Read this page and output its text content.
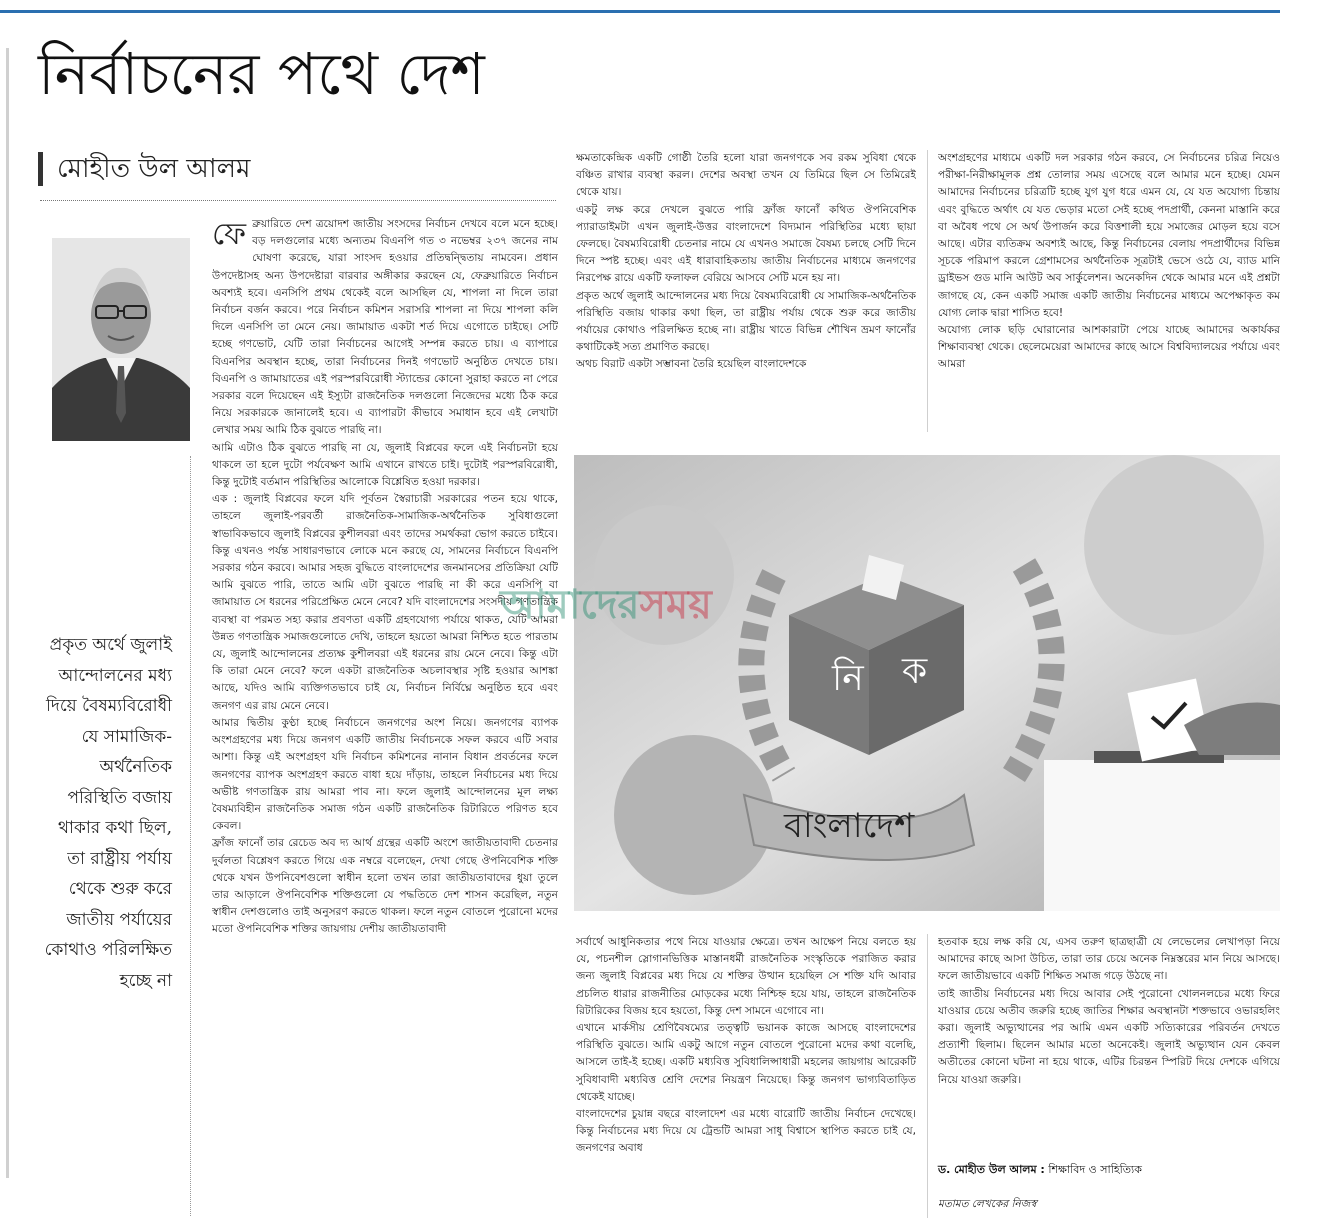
নির্বাচনের পথে দেশ
মোহীত উল আলম
প্রকৃত অর্থে জুলাই আন্দোলনের মধ্য দিয়ে বৈষম্যবিরোধী যে সামাজিক-অর্থনৈতিক পরিস্থিতি বজায় থাকার কথা ছিল, তা রাষ্ট্রীয় পর্যায় থেকে শুরু করে জাতীয় পর্যায়ের কোথাও পরিলক্ষিত হচ্ছে না
ফে ব্রুয়ারিতে দেশ ত্রয়োদশ জাতীয় সংসদের নির্বাচন দেখবে বলে মনে হচ্ছে। বড় দলগুলোর মধ্যে অন্যতম বিএনপি গত ৩ নভেম্বর ২৩৭ জনের নাম ঘোষণা করেছে, যারা সাংসদ হওয়ার প্রতিদ্বন্দ্বিতায় নামবেন। প্রধান উপদেষ্টাসহ অন্য উপদেষ্টারা বারবার অঙ্গীকার করছেন যে, ফেব্রুয়ারিতে নির্বাচন অবশ্যই হবে। এনসিপি প্রথম থেকেই বলে আসছিল যে, শাপলা না দিলে তারা নির্বাচন বর্জন করবে। পরে নির্বাচন কমিশন সরাসরি শাপলা না দিয়ে শাপলা কলি দিলে এনসিপি তা মেনে নেয়। জামায়াত একটা শর্ত দিয়ে এগোতে চাইছে। সেটি হচ্ছে গণভোট, যেটি তারা নির্বাচনের আগেই সম্পন্ন করতে চায়। এ ব্যাপারে বিএনপির অবস্থান হচ্ছে, তারা নির্বাচনের দিনই গণভোট অনুষ্ঠিত দেখতে চায়। বিএনপি ও জামায়াতের এই পরস্পরবিরোধী স্ট্যান্ডের কোনো সুরাহা করতে না পেরে সরকার বলে দিয়েছেন এই ইস্যুটা রাজনৈতিক দলগুলো নিজেদের মধ্যে ঠিক করে নিয়ে সরকারকে জানালেই হবে। এ ব্যাপারটা কীভাবে সমাধান হবে এই লেখাটা লেখার সময় আমি ঠিক বুঝতে পারছি না।

আমি এটাও ঠিক বুঝতে পারছি না যে, জুলাই বিপ্লবের ফলে এই নির্বাচনটা হয়ে থাকলে তা হলে দুটো পর্যবেক্ষণ আমি এখানে রাখতে চাই। দুটোই পরস্পরবিরোধী, কিন্তু দুটোই বর্তমান পরিস্থিতির আলোকে বিশ্লেষিত হওয়া দরকার।

এক : জুলাই বিপ্লবের ফলে যদি পূর্বতন স্বৈরাচারী সরকারের পতন হয়ে থাকে, তাহলে জুলাই-পরবর্তী রাজনৈতিক-সামাজিক-অর্থনৈতিক সুবিধাগুলো স্বাভাবিকভাবে জুলাই বিপ্লবের কুশীলবরা এবং তাদের সমর্থকরা ভোগ করতে চাইবে। কিন্তু এখনও পর্যন্ত সাধারণভাবে লোকে মনে করছে যে, সামনের নির্বাচনে বিএনপি সরকার গঠন করবে। আমার সহজ বুদ্ধিতে বাংলাদেশের জনমানসের প্রতিক্রিয়া যেটি আমি বুঝতে পারি, তাতে আমি এটা বুঝতে পারছি না কী করে এনসিপি বা জামায়াত সে ধরনের পরিপ্রেক্ষিত মেনে নেবে? যদি বাংলাদেশের সংসদীয় গণতান্ত্রিক ব্যবস্থা বা পরমত সহ্য করার প্রবণতা একটি গ্রহণযোগ্য পর্যায়ে থাকত, যেটি আমরা উন্নত গণতান্ত্রিক সমাজগুলোতে দেখি, তাহলে হয়তো আমরা নিশ্চিত হতে পারতাম যে, জুলাই আন্দোলনের প্রত্যক্ষ কুশীলবরা এই ধরনের রায় মেনে নেবে। কিন্তু এটা কি তারা মেনে নেবে? ফলে একটা রাজনৈতিক অচলাবস্থার সৃষ্টি হওয়ার আশঙ্কা আছে, যদিও আমি ব্যক্তিগতভাবে চাই যে, নির্বাচন নির্বিঘ্নে অনুষ্ঠিত হবে এবং জনগণ এর রায় মেনে নেবে।

আমার দ্বিতীয় কুণ্ঠা হচ্ছে নির্বাচনে জনগণের অংশ নিয়ে। জনগণের ব্যাপক অংশগ্রহণের মধ্য দিয়ে জনগণ একটি জাতীয় নির্বাচনকে সফল করবে এটি সবার আশা। কিন্তু এই অংশগ্রহণ যদি নির্বাচন কমিশনের নানান বিধান প্রবর্তনের ফলে জনগণের ব্যাপক অংশগ্রহণ করতে বাধা হয়ে দাঁড়ায়, তাহলে নির্বাচনের মধ্য দিয়ে অভীষ্ট গণতান্ত্রিক রায় আমরা পাব না। ফলে জুলাই আন্দোলনের মূল লক্ষ্য বৈষম্যবিহীন রাজনৈতিক সমাজ গঠন একটি রাজনৈতিক রিটারিতে পরিণত হবে কেবল।

ফ্রাঁজ ফানোঁ তার রেচেড অব দ্য আর্থ গ্রন্থের একটি অংশে জাতীয়তাবাদী চেতনার দুর্বলতা বিশ্লেষণ করতে গিয়ে এক নম্বরে বলেছেন, দেখা গেছে ঔপনিবেশিক শক্তি থেকে যখন উপনিবেশগুলো স্বাধীন হলো তখন তারা জাতীয়তাবাদের ধুয়া তুলে তার আড়ালে ঔপনিবেশিক শক্তিগুলো যে পদ্ধতিতে দেশ শাসন করেছিল, নতুন স্বাধীন দেশগুলোও তাই অনুসরণ করতে থাকল। ফলে নতুন বোতলে পুরোনো মদের মতো ঔপনিবেশিক শক্তির জায়গায় দেশীয় জাতীয়তাবাদী

ক্ষমতাকেন্দ্রিক একটি গোষ্ঠী তৈরি হলো যারা জনগণকে সব রকম সুবিধা থেকে বঞ্চিত রাখার ব্যবস্থা করল। দেশের অবস্থা তখন যে তিমিরে ছিল সে তিমিরেই থেকে যায়।

একটু লক্ষ করে দেখলে বুঝতে পারি ফ্রাঁজ ফানোঁ কথিত ঔপনিবেশিক প্যারাডাইমটা এখন জুলাই-উত্তর বাংলাদেশে বিদ্যমান পরিস্থিতির মধ্যে ছায়া ফেলছে। বৈষম্যবিরোধী চেতনার নামে যে এখনও সমাজে বৈষম্য চলছে সেটি দিনে দিনে স্পষ্ট হচ্ছে। এবং এই ধারাবাহিকতায় জাতীয় নির্বাচনের মাধ্যমে জনগণের নিরপেক্ষ রায়ে একটি ফলাফল বেরিয়ে আসবে সেটি মনে হয় না।

প্রকৃত অর্থে জুলাই আন্দোলনের মধ্য দিয়ে বৈষম্যবিরোধী যে সামাজিক-অর্থনৈতিক পরিস্থিতি বজায় থাকার কথা ছিল, তা রাষ্ট্রীয় পর্যায় থেকে শুরু করে জাতীয় পর্যায়ের কোথাও পরিলক্ষিত হচ্ছে না। রাষ্ট্রীয় খাতে বিভিন্ন শৌখিন ভ্রমণ ফানোঁর কথাটিকেই সত্য প্রমাণিত করছে।

অথচ বিরাট একটা সম্ভাবনা তৈরি হয়েছিল বাংলাদেশকে

অংশগ্রহণের মাধ্যমে একটি দল সরকার গঠন করবে, সে নির্বাচনের চরিত্র নিয়েও পরীক্ষা-নিরীক্ষামূলক প্রশ্ন তোলার সময় এসেছে বলে আমার মনে হচ্ছে। যেমন আমাদের নির্বাচনের চরিত্রটি হচ্ছে যুগ যুগ ধরে এমন যে, যে যত অযোগ্য চিন্তায় এবং বুদ্ধিতে অর্থাৎ যে যত ভেড়ার মতো সেই হচ্ছে পদপ্রার্থী, কেননা মাস্তানি করে বা অবৈধ পথে সে অর্থ উপার্জন করে বিত্তশালী হয়ে সমাজের মোড়ল হয়ে বসে আছে। এটার ব্যতিক্রম অবশ্যই আছে, কিন্তু নির্বাচনের বেলায় পদপ্রার্থীদের বিভিন্ন সূচকে পরিমাপ করলে গ্রেশামসের অর্থনৈতিক সূত্রটাই ভেসে ওঠে যে, ব্যাড মানি ড্রাইভস গুড মানি আউট অব সার্কুলেশন। অনেকদিন থেকে আমার মনে এই প্রশ্নটা জাগছে যে, কেন একটি সমাজ একটি জাতীয় নির্বাচনের মাধ্যমে অপেক্ষাকৃত কম যোগ্য লোক দ্বারা শাসিত হবে!

অযোগ্য লোক ছড়ি ঘোরানোর আশকারাটা পেয়ে যাচ্ছে আমাদের অকার্যকর শিক্ষাব্যবস্থা থেকে। ছেলেমেয়েরা আমাদের কাছে আসে বিশ্ববিদ্যালয়ের পর্যায়ে এবং আমরা

নি ক
বাংলাদেশ
আমাদেরসময়

সর্বার্থে আধুনিকতার পথে নিয়ে যাওয়ার ক্ষেত্রে। তখন আক্ষেপ নিয়ে বলতে হয় যে, পচনশীল স্লোগানভিত্তিক মাস্তানধর্মী রাজনৈতিক সংস্কৃতিকে পরাজিত করার জন্য জুলাই বিপ্লবের মধ্য দিয়ে যে শক্তির উত্থান হয়েছিল সে শক্তি যদি আবার প্রচলিত ধারার রাজনীতির মোড়কের মধ্যে নিশ্চিহ্ন হয়ে যায়, তাহলে রাজনৈতিক রিটারিকের বিজয় হবে হয়তো, কিন্তু দেশ সামনে এগোবে না।

এখানে মার্কসীয় শ্রেণিবৈষম্যের তত্ত্বটি ভয়ানক কাজে আসছে বাংলাদেশের পরিস্থিতি বুঝতে। আমি একটু আগে নতুন বোতলে পুরোনো মদের কথা বলেছি, আসলে তাই-ই হচ্ছে। একটি মধ্যবিত্ত সুবিধালিপ্সাধারী মহলের জায়গায় আরেকটি সুবিধাবাদী মধ্যবিত্ত শ্রেণি দেশের নিয়ন্ত্রণ নিয়েছে। কিন্তু জনগণ ভাগ্যবিতাড়িত থেকেই যাচ্ছে।

বাংলাদেশের চুয়ান্ন বছরে বাংলাদেশ এর মধ্যে বারোটি জাতীয় নির্বাচন দেখেছে। কিন্তু নির্বাচনের মধ্য দিয়ে যে ট্রেন্ডটি আমরা সাধু বিশ্বাসে স্থাপিত করতে চাই যে, জনগণের অবাধ

হতবাক হয়ে লক্ষ করি যে, এসব তরুণ ছাত্রছাত্রী যে লেভেলের লেখাপড়া নিয়ে আমাদের কাছে আসা উচিত, তারা তার চেয়ে অনেক নিম্নস্তরের মান নিয়ে আসছে। ফলে জাতীয়ভাবে একটি শিক্ষিত সমাজ গড়ে উঠছে না।

তাই জাতীয় নির্বাচনের মধ্য দিয়ে আবার সেই পুরোনো খোলনলচের মধ্যে ফিরে যাওয়ার চেয়ে অতীব জরুরি হচ্ছে জাতির শিক্ষার অবস্থানটা শক্তভাবে ওভারহলিং করা। জুলাই অভ্যুত্থানের পর আমি এমন একটি সত্যিকারের পরিবর্তন দেখতে প্রত্যাশী ছিলাম। ছিলেন আমার মতো অনেকেই। জুলাই অভ্যুত্থান যেন কেবল অতীতের কোনো ঘটনা না হয়ে থাকে, এটির চিরন্তন স্পিরিট দিয়ে দেশকে এগিয়ে নিয়ে যাওয়া জরুরি।

ড. মোহীত উল আলম : শিক্ষাবিদ ও সাহিত্যিক
মতামত লেখকের নিজস্ব
